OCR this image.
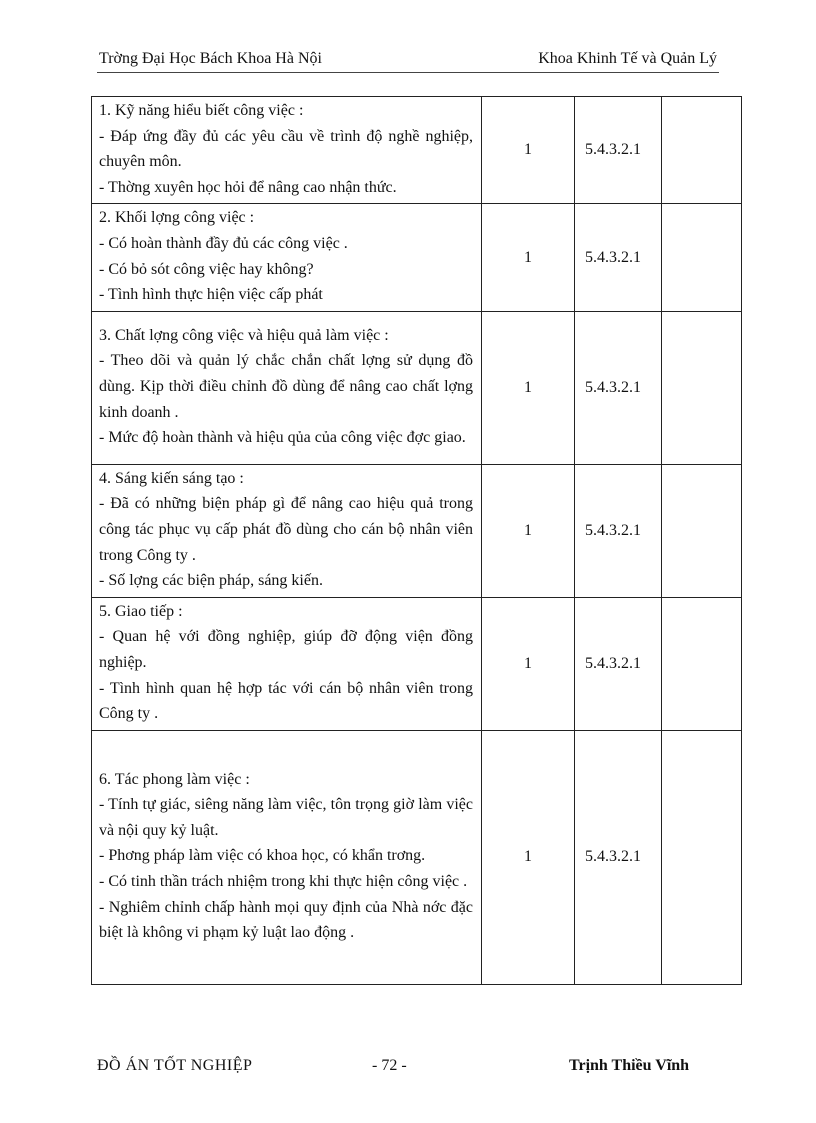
Trờng Đại Học Bách Khoa Hà Nội	Khoa Khinh Tế và Quản Lý
1. Kỹ năng hiểu biết công việc :
- Đáp ứng đầy đủ các yêu cầu về trình độ nghề nghiệp, chuyên môn.
- Thờng xuyên học hỏi để nâng cao nhận thức.	1	5.4.3.2.1	

2. Khối lợng công việc :
- Có hoàn thành đầy đủ các công việc .
- Có bỏ sót công việc hay không?
- Tình hình thực hiện việc cấp phát	1	5.4.3.2.1	

3. Chất lợng công việc và hiệu quả làm việc :
- Theo dõi và quản lý chắc chắn chất lợng sử dụng đồ dùng. Kịp thời điều chỉnh đồ dùng để nâng cao chất lợng kinh doanh .
- Mức độ hoàn thành và hiệu qủa của công việc đợc giao.	1	5.4.3.2.1	

4. Sáng kiến sáng tạo :
- Đã có những biện pháp gì để nâng cao hiệu quả trong công tác phục vụ cấp phát đồ dùng cho cán bộ nhân viên trong Công ty .
- Số lợng các biện pháp, sáng kiến.	1	5.4.3.2.1	

5. Giao tiếp :
- Quan hệ với đồng nghiệp, giúp đỡ động viện đồng nghiệp.
- Tình hình quan hệ hợp tác với cán bộ nhân viên trong Công ty .	1	5.4.3.2.1	

6. Tác phong làm việc :
- Tính tự giác, siêng năng làm việc, tôn trọng giờ làm việc và nội quy kỷ luật.
- Phơng pháp làm việc có khoa học, có khẩn trơng.
- Có tinh thần trách nhiệm trong khi thực hiện công việc .
- Nghiêm chỉnh chấp hành mọi quy định của Nhà nớc đặc biệt là không vi phạm kỷ luật lao động .	1	5.4.3.2.1	
ĐỒ ÁN TỐT NGHIỆP	- 72 -	Trịnh Thiều Vĩnh
